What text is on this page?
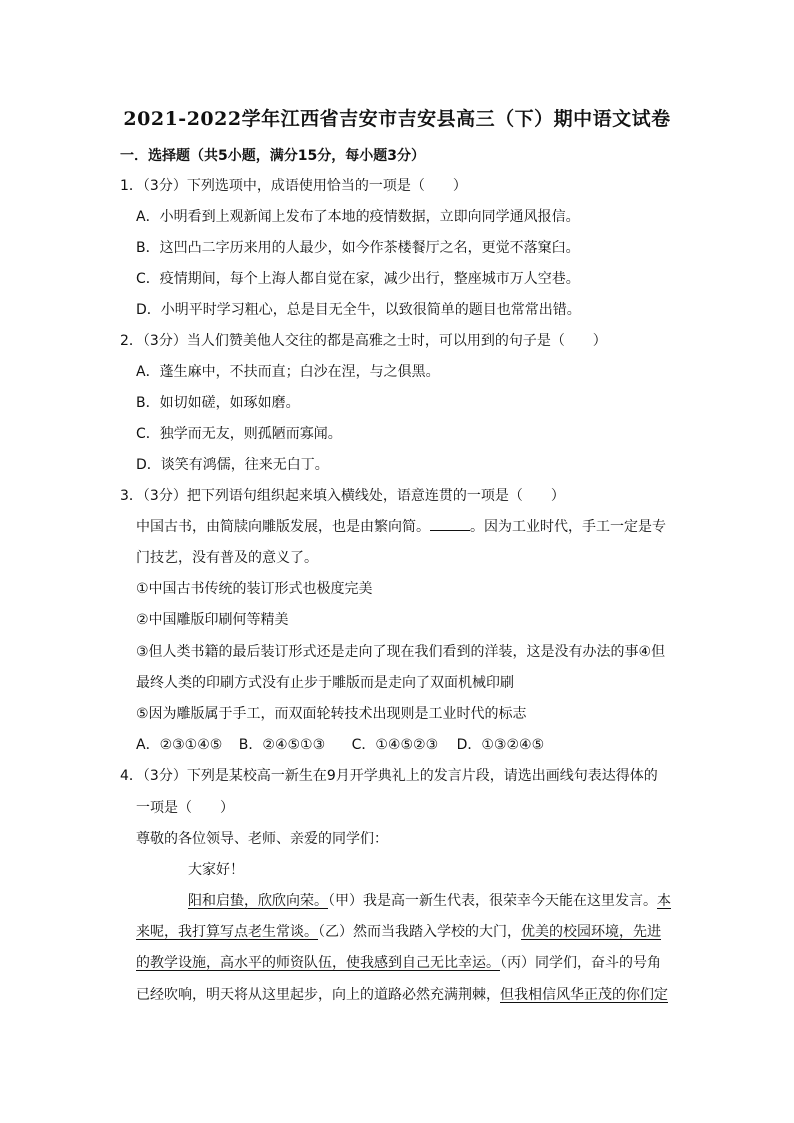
2021-2022学年江西省吉安市吉安县高三（下）期中语文试卷
一．选择题（共5小题，满分15分，每小题3分）
1．（3分）下列选项中，成语使用恰当的一项是（　　）
A．小明看到上观新闻上发布了本地的疫情数据，立即向同学通风报信。
B．这凹凸二字历来用的人最少，如今作茶楼餐厅之名，更觉不落窠臼。
C．疫情期间，每个上海人都自觉在家，减少出行，整座城市万人空巷。
D．小明平时学习粗心，总是目无全牛，以致很简单的题目也常常出错。
2．（3分）当人们赞美他人交往的都是高雅之士时，可以用到的句子是（　　）
A．蓬生麻中，不扶而直；白沙在涅，与之俱黑。
B．如切如磋，如琢如磨。
C．独学而无友，则孤陋而寡闻。
D．谈笑有鸿儒，往来无白丁。
3．（3分）把下列语句组织起来填入横线处，语意连贯的一项是（　　）
中国古书，由简牍向雕版发展，也是由繁向简。	。因为工业时代，手工一定是专
门技艺，没有普及的意义了。
①中国古书传统的装订形式也极度完美
②中国雕版印刷何等精美
③但人类书籍的最后装订形式还是走向了现在我们看到的洋装，这是没有办法的事④但
最终人类的印刷方式没有止步于雕版而是走向了双面机械印刷
⑤因为雕版属于手工，而双面轮转技术出现则是工业时代的标志
A．②③①④⑤ B．②④⑤①③ C．①④⑤②③ D．①③②④⑤
4．（3分）下列是某校高一新生在9月开学典礼上的发言片段，请选出画线句表达得体的
一项是（　　）
尊敬的各位领导、老师、亲爱的同学们：
大家好！
阳和启蛰，欣欣向荣。（甲）我是高一新生代表，很荣幸今天能在这里发言。本
来呢，我打算写点老生常谈。（乙）然而当我踏入学校的大门，优美的校园环境，先进
的教学设施，高水平的师资队伍，使我感到自己无比幸运。（丙）同学们，奋斗的号角
已经吹响，明天将从这里起步，向上的道路必然充满荆棘，但我相信风华正茂的你们定
